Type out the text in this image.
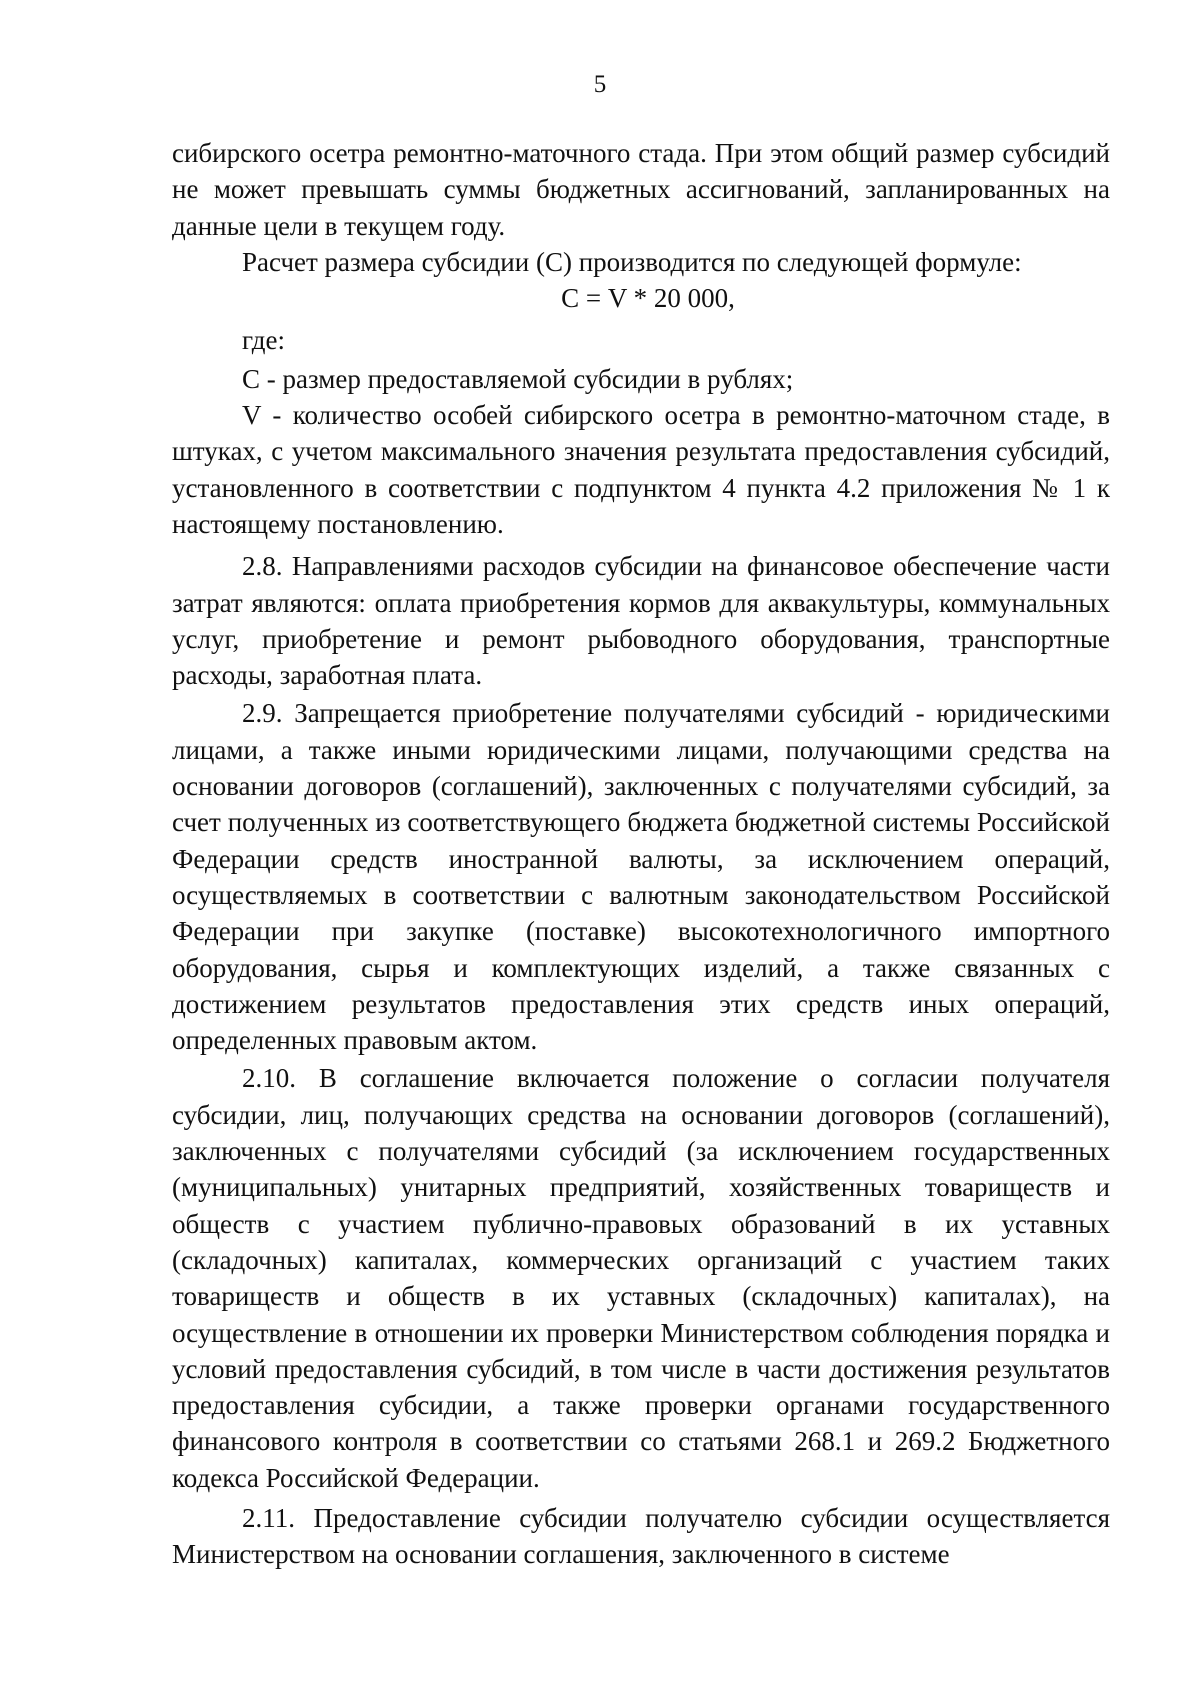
5

сибирского осетра ремонтно-маточного стада. При этом общий размер субсидий не может превышать суммы бюджетных ассигнований, запланированных на данные цели в текущем году.

Расчет размера субсидии (С) производится по следующей формуле:

С = V * 20 000,

где:

С - размер предоставляемой субсидии в рублях;

V - количество особей сибирского осетра в ремонтно-маточном стаде, в штуках, с учетом максимального значения результата предоставления субсидий, установленного в соответствии с подпунктом 4 пункта 4.2 приложения № 1 к настоящему постановлению.

2.8. Направлениями расходов субсидии на финансовое обеспечение части затрат являются: оплата приобретения кормов для аквакультуры, коммунальных услуг, приобретение и ремонт рыбоводного оборудования, транспортные расходы, заработная плата.

2.9. Запрещается приобретение получателями субсидий - юридическими лицами, а также иными юридическими лицами, получающими средства на основании договоров (соглашений), заключенных с получателями субсидий, за счет полученных из соответствующего бюджета бюджетной системы Российской Федерации средств иностранной валюты, за исключением операций, осуществляемых в соответствии с валютным законодательством Российской Федерации при закупке (поставке) высокотехнологичного импортного оборудования, сырья и комплектующих изделий, а также связанных с достижением результатов предоставления этих средств иных операций, определенных правовым актом.

2.10. В соглашение включается положение о согласии получателя субсидии, лиц, получающих средства на основании договоров (соглашений), заключенных с получателями субсидий (за исключением государственных (муниципальных) унитарных предприятий, хозяйственных товариществ и обществ с участием публично-правовых образований в их уставных (складочных) капиталах, коммерческих организаций с участием таких товариществ и обществ в их уставных (складочных) капиталах), на осуществление в отношении их проверки Министерством соблюдения порядка и условий предоставления субсидий, в том числе в части достижения результатов предоставления субсидии, а также проверки органами государственного финансового контроля в соответствии со статьями 268.1 и 269.2 Бюджетного кодекса Российской Федерации.

2.11. Предоставление субсидии получателю субсидии осуществляется Министерством на основании соглашения, заключенного в системе
